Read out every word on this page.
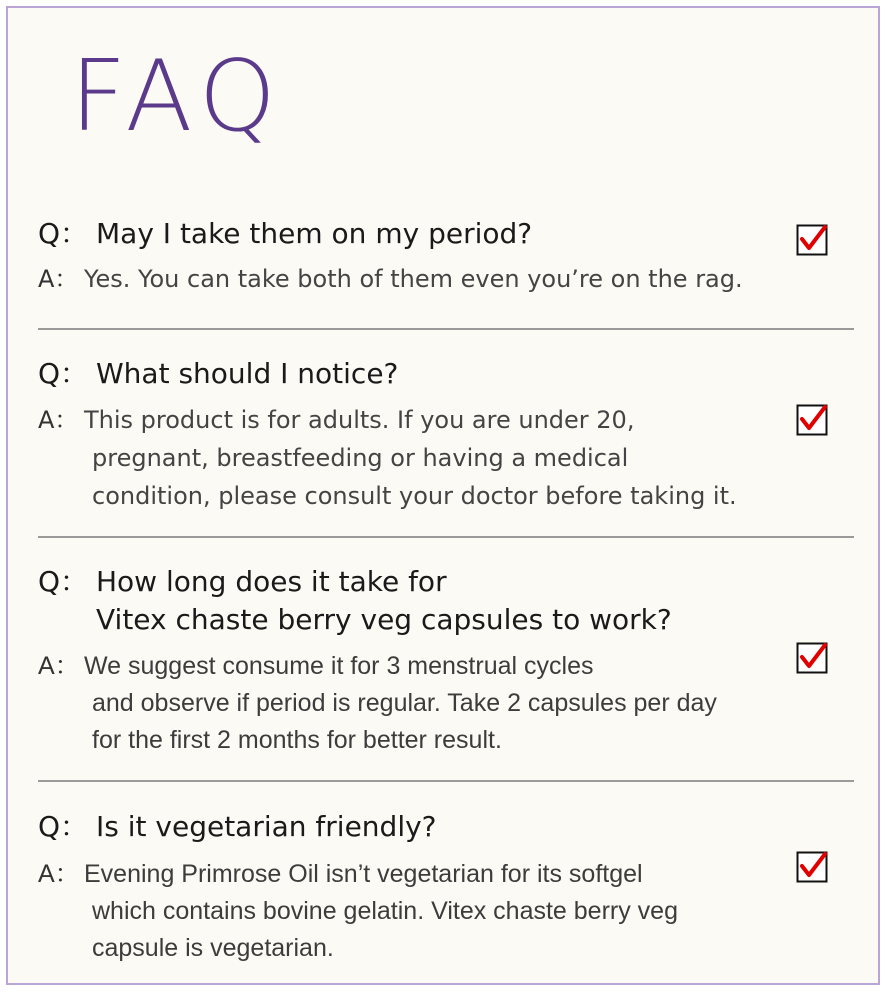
FAQ
Q： May I take them on my period?
A： Yes. You can take both of them even you’re on the rag.
Q： What should I notice?
A： This product is for adults. If you are under 20,
pregnant, breastfeeding or having a medical
condition, please consult your doctor before taking it.
Q： How long does it take for
Vitex chaste berry veg capsules to work?
A： We suggest consume it for 3 menstrual cycles
and observe if period is regular. Take 2 capsules per day
for the first 2 months for better result.
Q： Is it vegetarian friendly?
A： Evening Primrose Oil isn’t vegetarian for its softgel
which contains bovine gelatin. Vitex chaste berry veg
capsule is vegetarian.
